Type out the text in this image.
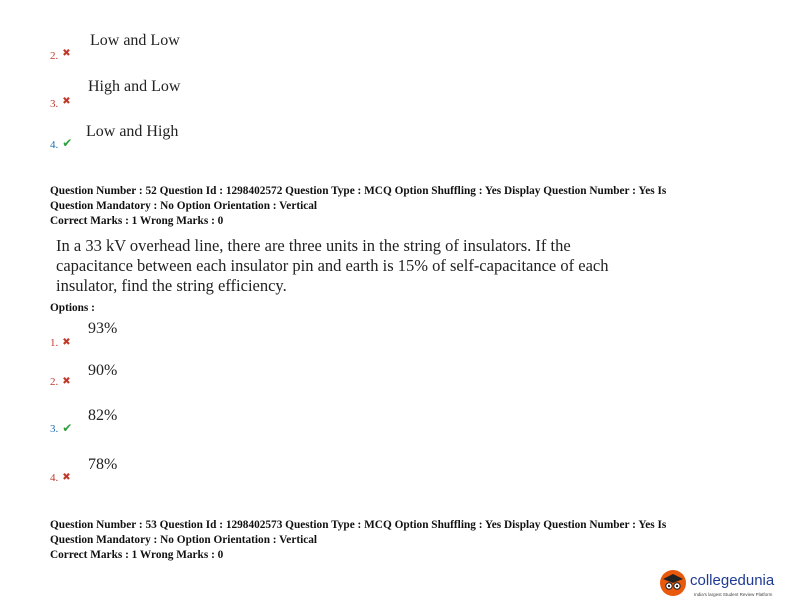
$_{2.}$ ✖
Low and Low
$_{3.}$ ✖
High and Low
$_{4.}$ ✔
Low and High
Question Number : 52 Question Id : 1298402572 Question Type : MCQ Option Shuffling : Yes Display Question Number : Yes Is
Question Mandatory : No Option Orientation : Vertical
Correct Marks : 1 Wrong Marks : 0
In a 33 kV overhead line, there are three units in the string of insulators. If the
capacitance between each insulator pin and earth is 15% of self-capacitance of each
insulator, find the string efficiency.
Options :
1. ✖
93%
2. ✖
90%
3. ✔
82%
4. ✖
78%
Question Number : 53 Question Id : 1298402573 Question Type : MCQ Option Shuffling : Yes Display Question Number : Yes Is
Question Mandatory : No Option Orientation : Vertical
Correct Marks : 1 Wrong Marks : 0
collegedunia
India's largest Student Review Platform
